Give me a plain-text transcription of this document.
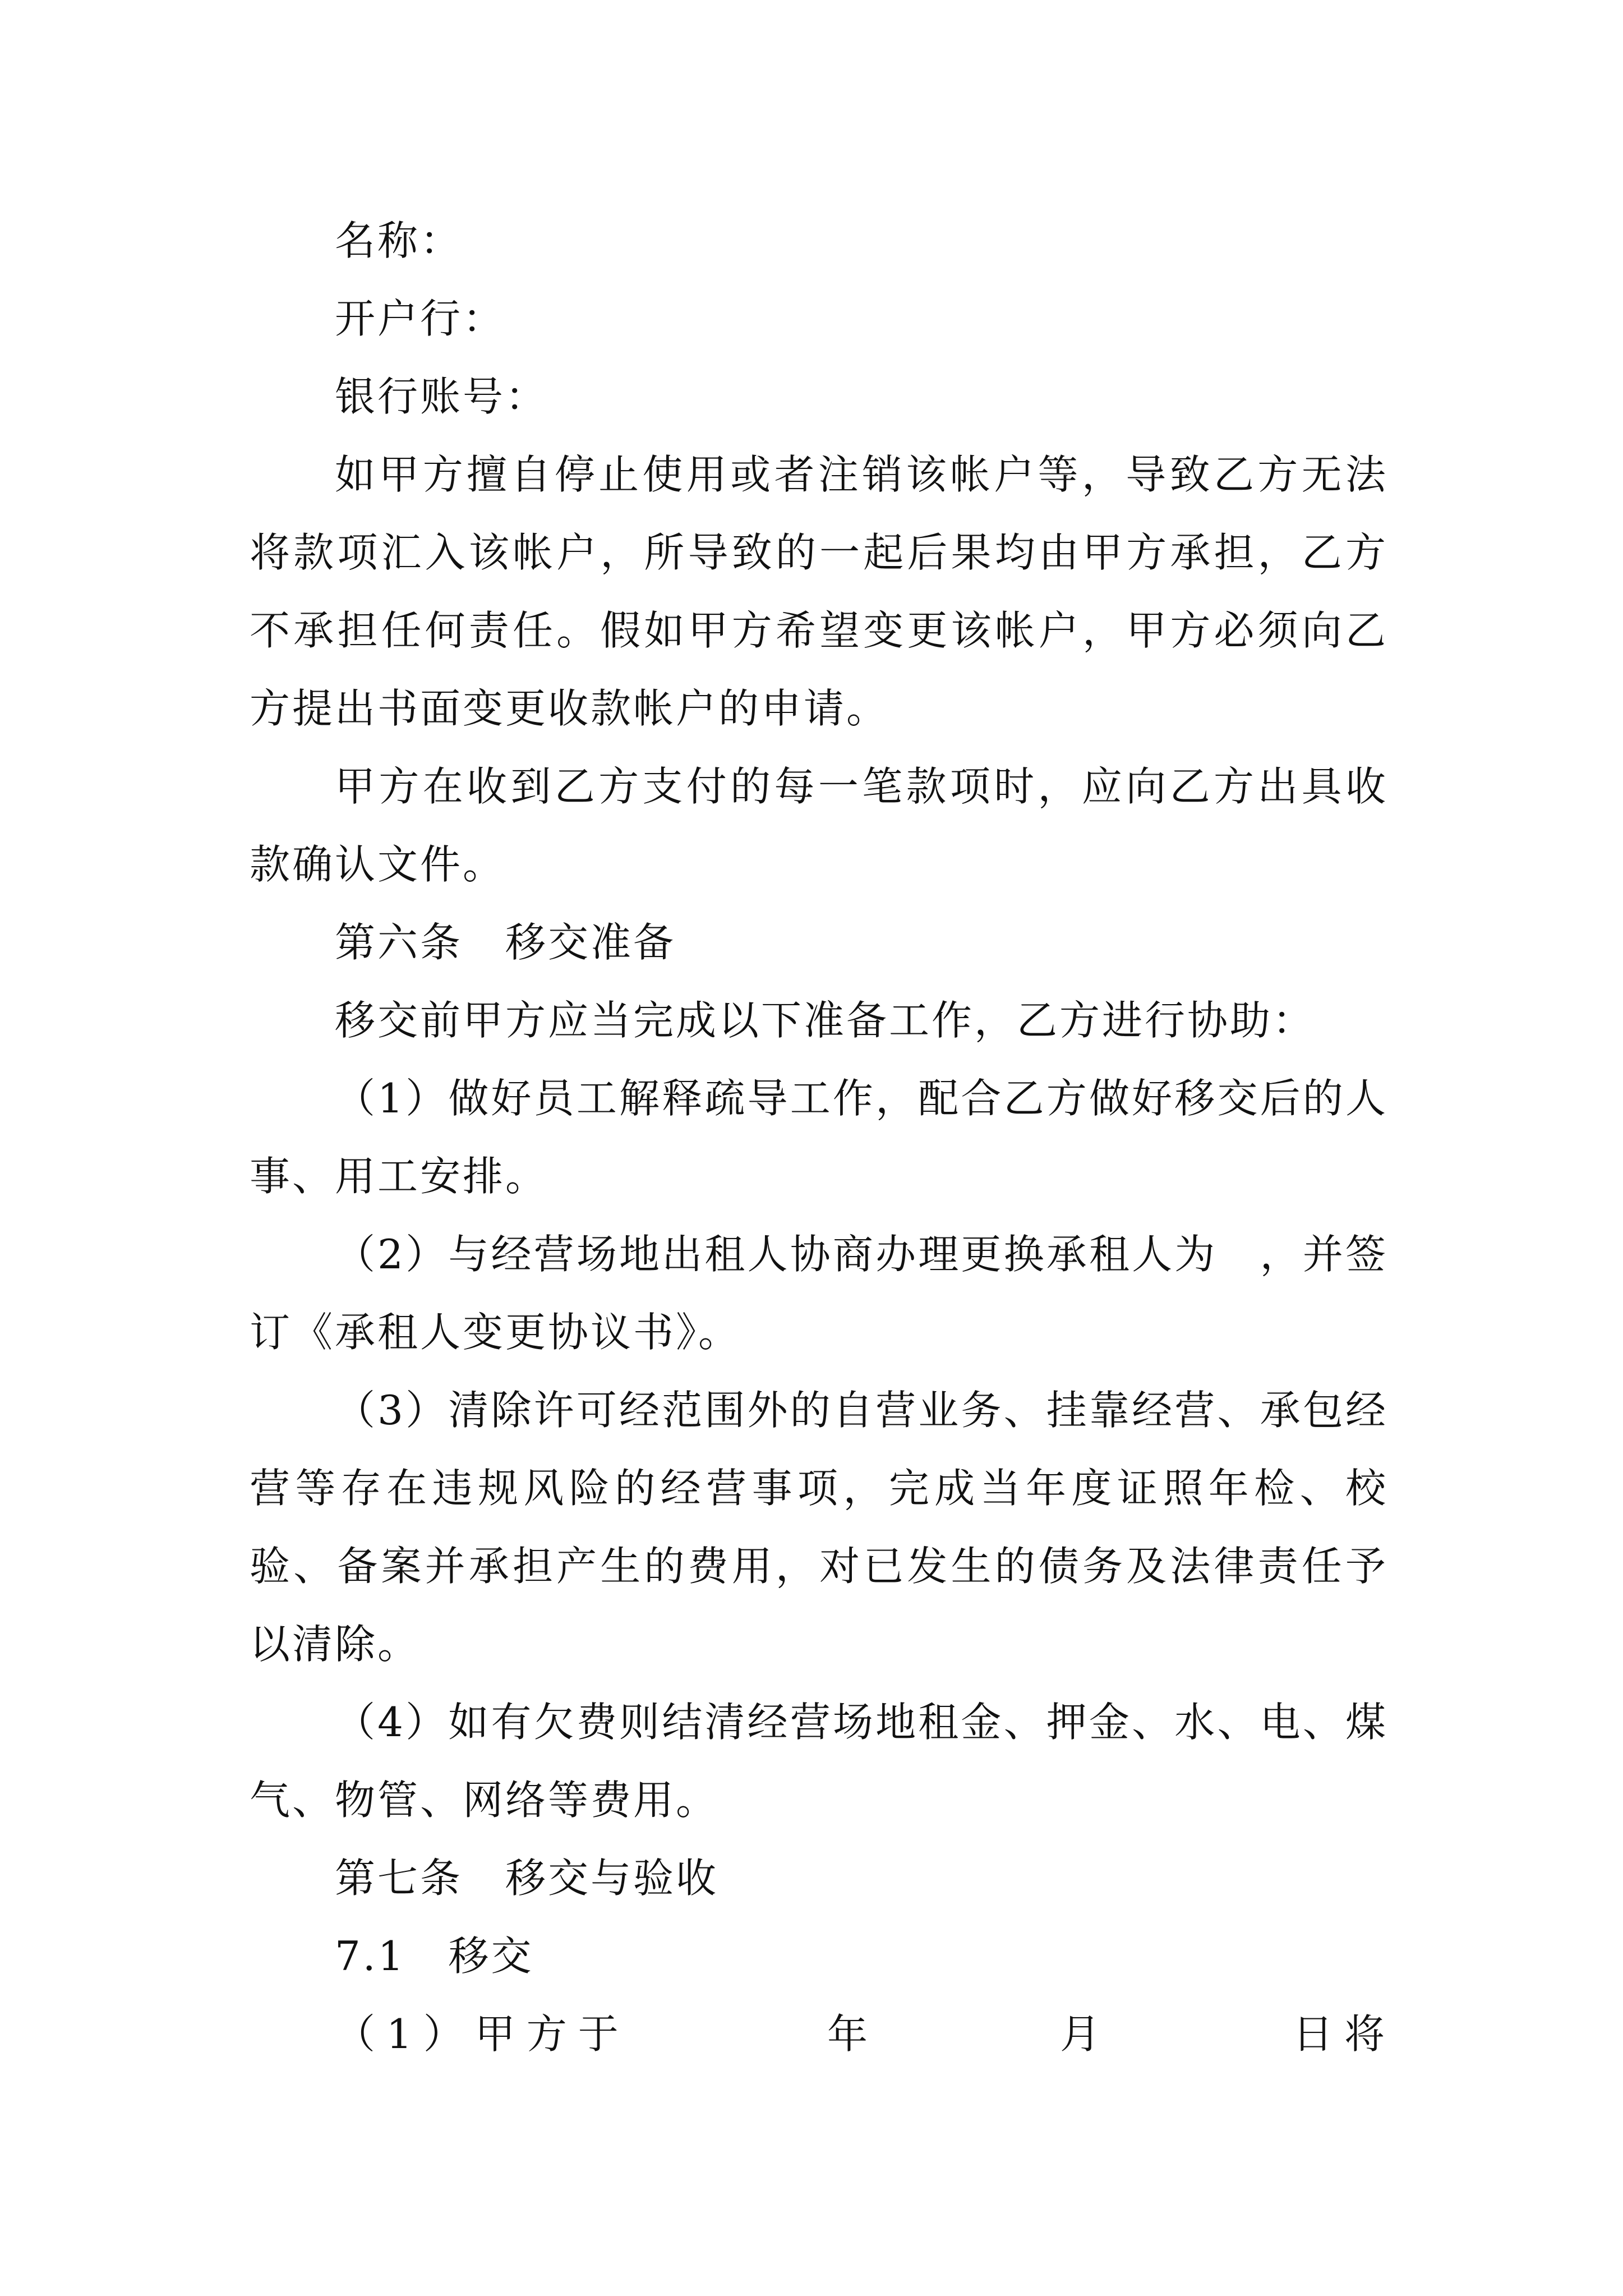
名称：

开户行：

银行账号：

如甲方擅自停止使用或者注销该帐户等，导致乙方无法将款项汇入该帐户，所导致的一起后果均由甲方承担，乙方不承担任何责任。假如甲方希望变更该帐户，甲方必须向乙方提出书面变更收款帐户的申请。

甲方在收到乙方支付的每一笔款项时，应向乙方出具收款确认文件。

第六条　移交准备

移交前甲方应当完成以下准备工作，乙方进行协助：

（1）做好员工解释疏导工作，配合乙方做好移交后的人事、用工安排。

（2）与经营场地出租人协商办理更换承租人为　，并签订《承租人变更协议书》。

（3）清除许可经范围外的自营业务、挂靠经营、承包经营等存在违规风险的经营事项，完成当年度证照年检、校验、备案并承担产生的费用，对已发生的债务及法律责任予以清除。

（4）如有欠费则结清经营场地租金、押金、水、电、煤气、物管、网络等费用。

第七条　移交与验收

7.1　移交

（1）甲方于	年	月	日将
